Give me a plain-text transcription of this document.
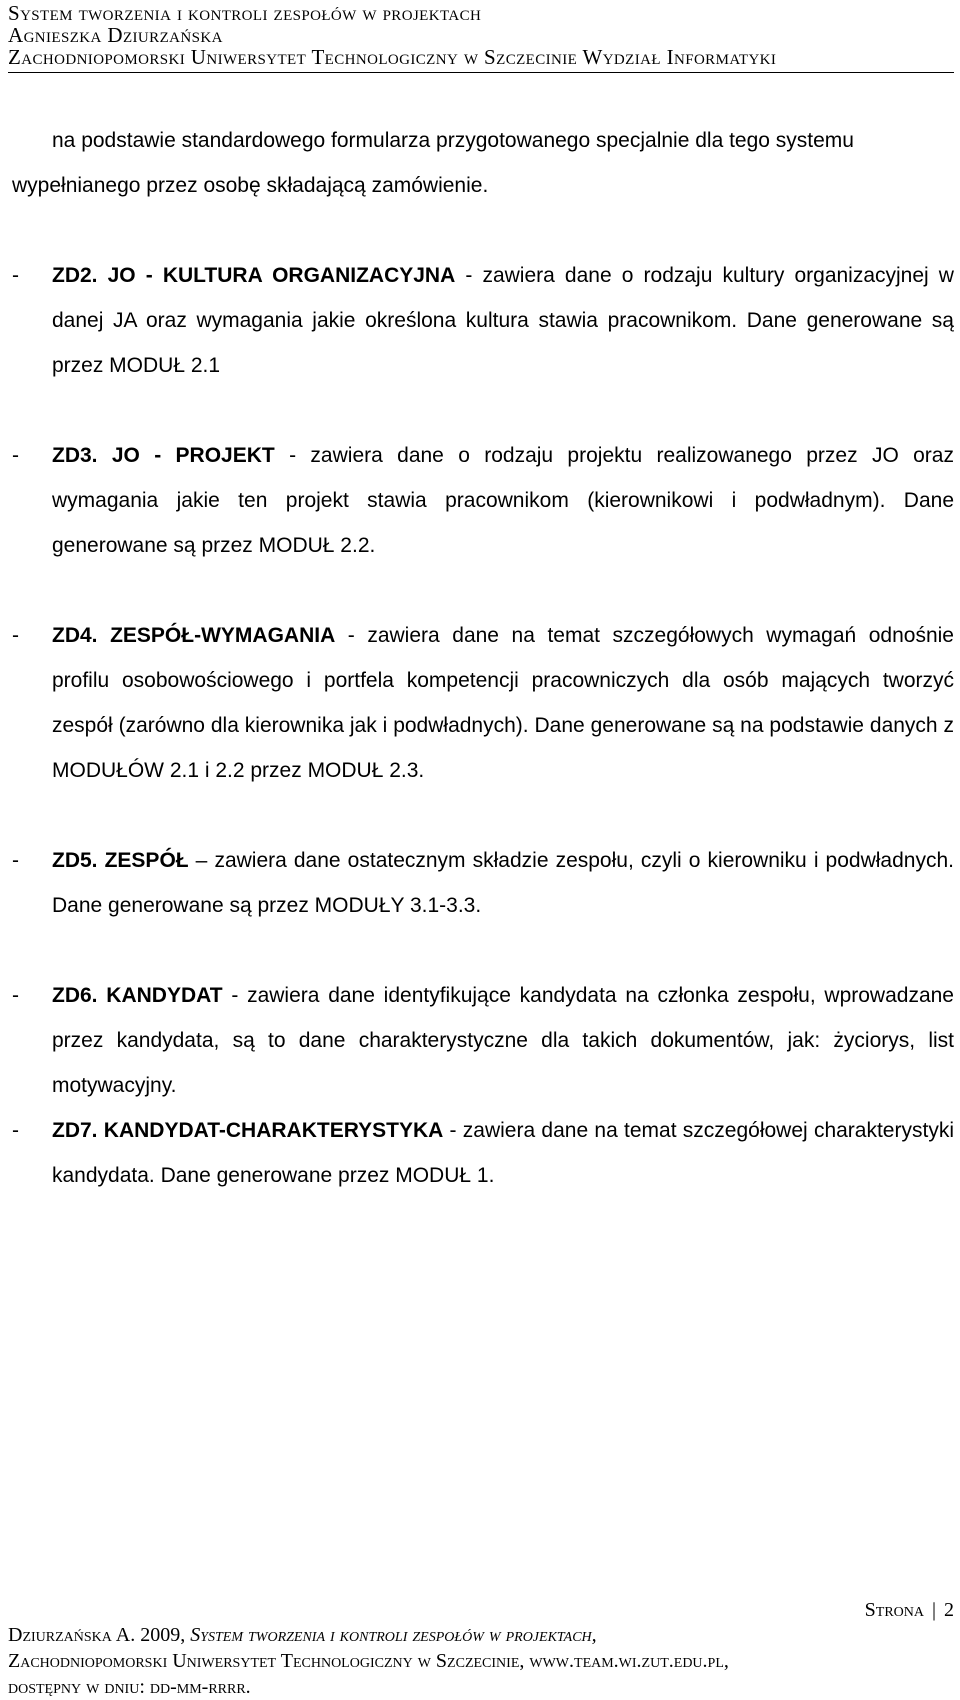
System tworzenia i kontroli zespołów w projektach
Agnieszka Dziurzańska
Zachodniopomorski Uniwersytet Technologiczny w Szczecinie Wydział Informatyki

na podstawie standardowego formularza przygotowanego specjalnie dla tego systemu wypełnianego przez osobę składającą zamówienie.

-	ZD2. JO - KULTURA ORGANIZACYJNA - zawiera dane o rodzaju kultury organizacyjnej w danej JA oraz wymagania jakie określona kultura stawia pracownikom. Dane generowane są przez MODUŁ 2.1
-	ZD3. JO - PROJEKT - zawiera dane o rodzaju projektu realizowanego przez JO oraz wymagania jakie ten projekt stawia pracownikom (kierownikowi i podwładnym). Dane generowane są przez MODUŁ 2.2.
-	ZD4. ZESPÓŁ-WYMAGANIA - zawiera dane na temat szczegółowych wymagań odnośnie profilu osobowościowego i portfela kompetencji pracowniczych dla osób mających tworzyć zespół (zarówno dla kierownika jak i podwładnych). Dane generowane są na podstawie danych z MODUŁÓW 2.1 i 2.2 przez MODUŁ 2.3.
-	ZD5. ZESPÓŁ – zawiera dane ostatecznym składzie zespołu, czyli o kierowniku i podwładnych. Dane generowane są przez MODUŁY 3.1-3.3.
-	ZD6. KANDYDAT - zawiera dane identyfikujące kandydata na członka zespołu, wprowadzane przez kandydata, są to dane charakterystyczne dla takich dokumentów, jak: życiorys, list motywacyjny.
-	ZD7. KANDYDAT-CHARAKTERYSTYKA - zawiera dane na temat szczegółowej charakterystyki kandydata. Dane generowane przez MODUŁ 1.
Strona | 2
Dziurzańska A. 2009, System tworzenia i kontroli zespołów w projektach,
Zachodniopomorski Uniwersytet Technologiczny w Szczecinie, www.team.wi.zut.edu.pl,
dostępny w dniu: dd-mm-rrrr.
